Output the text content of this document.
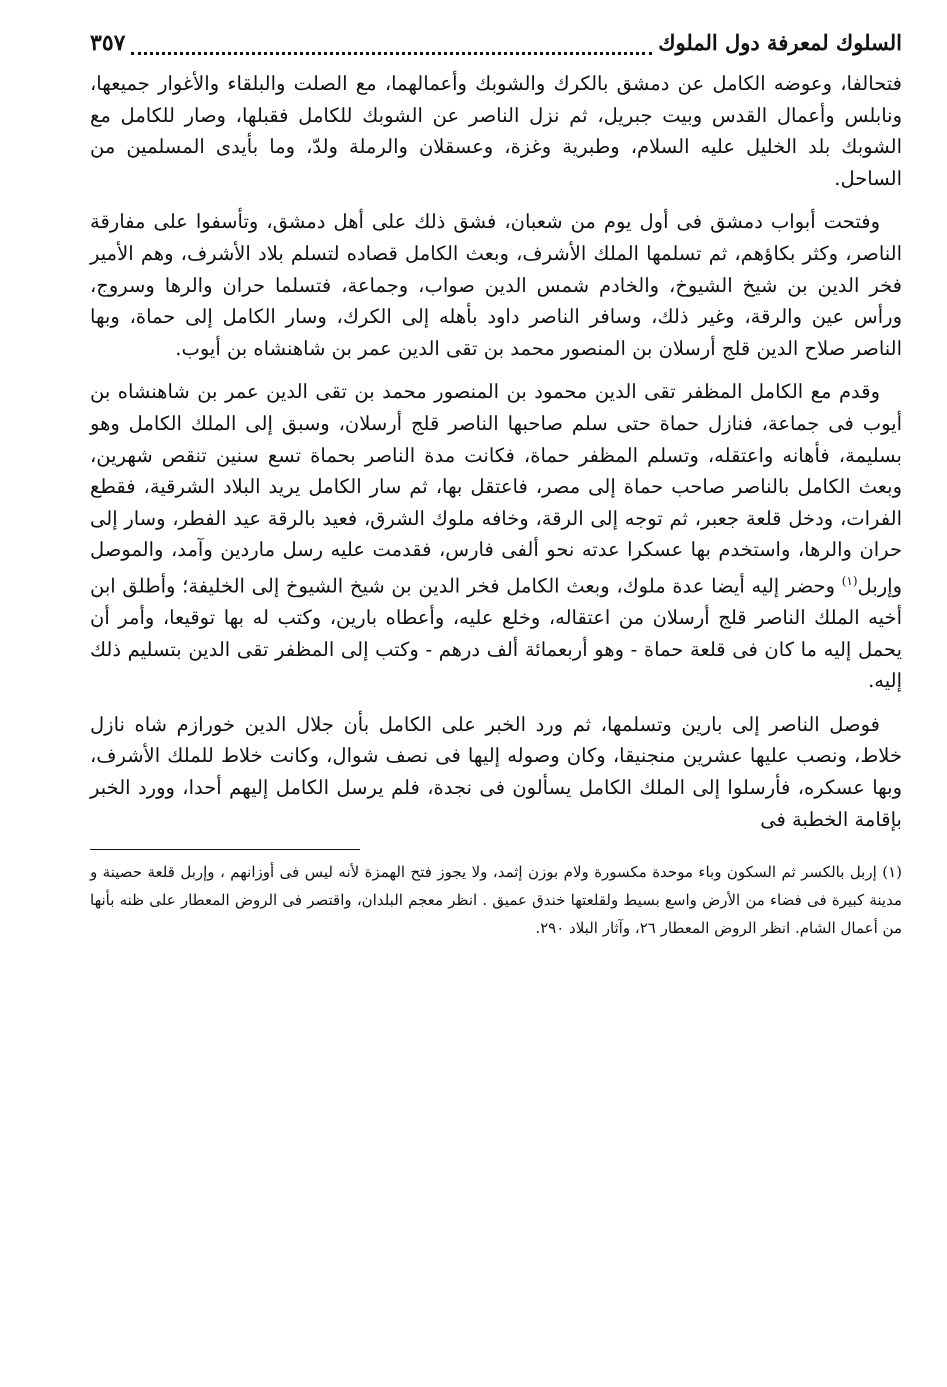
السلوك لمعرفة دول الملوك
٣٥٧

فتحالفا، وعوضه الكامل عن دمشق بالكرك والشوبك وأعمالهما، مع الصلت والبلقاء والأغوار جميعها، ونابلس وأعمال القدس وبيت جبريل، ثم نزل الناصر عن الشوبك للكامل فقبلها، وصار للكامل مع الشوبك بلد الخليل عليه السلام، وطبرية وغزة، وعسقلان والرملة ولدّ، وما بأيدى المسلمين من الساحل.

وفتحت أبواب دمشق فى أول يوم من شعبان، فشق ذلك على أهل دمشق، وتأسفوا على مفارقة الناصر، وكثر بكاؤهم، ثم تسلمها الملك الأشرف، وبعث الكامل قصاده لتسلم بلاد الأشرف، وهم الأمير فخر الدين بن شيخ الشيوخ، والخادم شمس الدين صواب، وجماعة، فتسلما حران والرها وسروج، ورأس عين والرقة، وغير ذلك، وسافر الناصر داود بأهله إلى الكرك، وسار الكامل إلى حماة، وبها الناصر صلاح الدين قلج أرسلان بن المنصور محمد بن تقى الدين عمر بن شاهنشاه بن أيوب.

وقدم مع الكامل المظفر تقى الدين محمود بن المنصور محمد بن تقى الدين عمر بن شاهنشاه بن أيوب فى جماعة، فنازل حماة حتى سلم صاحبها الناصر قلج أرسلان، وسبق إلى الملك الكامل وهو بسليمة، فأهانه واعتقله، وتسلم المظفر حماة، فكانت مدة الناصر بحماة تسع سنين تنقص شهرين، وبعث الكامل بالناصر صاحب حماة إلى مصر، فاعتقل بها، ثم سار الكامل يريد البلاد الشرقية، فقطع الفرات، ودخل قلعة جعبر، ثم توجه إلى الرقة، وخافه ملوك الشرق، فعيد بالرقة عيد الفطر، وسار إلى حران والرها، واستخدم بها عسكرا عدته نحو ألفى فارس، فقدمت عليه رسل ماردين وآمد، والموصل وإربل$^{(١)}$ وحضر إليه أيضا عدة ملوك، وبعث الكامل فخر الدين بن شيخ الشيوخ إلى الخليفة؛ وأطلق ابن أخيه الملك الناصر قلج أرسلان من اعتقاله، وخلع عليه، وأعطاه بارين، وكتب له بها توقيعا، وأمر أن يحمل إليه ما كان فى قلعة حماة - وهو أربعمائة ألف درهم - وكتب إلى المظفر تقى الدين بتسليم ذلك إليه.

فوصل الناصر إلى بارين وتسلمها، ثم ورد الخبر على الكامل بأن جلال الدين خورازم شاه نازل خلاط، ونصب عليها عشرين منجنيقا، وكان وصوله إليها فى نصف شوال، وكانت خلاط للملك الأشرف، وبها عسكره، فأرسلوا إلى الملك الكامل يسألون فى نجدة، فلم يرسل الكامل إليهم أحدا، وورد الخبر بإقامة الخطبة فى

(١) إربل بالكسر ثم السكون وباء موحدة مكسورة ولام بوزن إثمد، ولا يجوز فتح الهمزة لأنه ليس فى أوزانهم ، وإربل قلعة حصينة و مدينة كبيرة فى فضاء من الأرض واسع بسيط ولقلعتها خندق عميق . انظر معجم البلدان، واقتصر فى الروض المعطار على ظنه بأنها من أعمال الشام. انظر الروض المعطار ٢٦، وآثار البلاد ٢٩٠.
